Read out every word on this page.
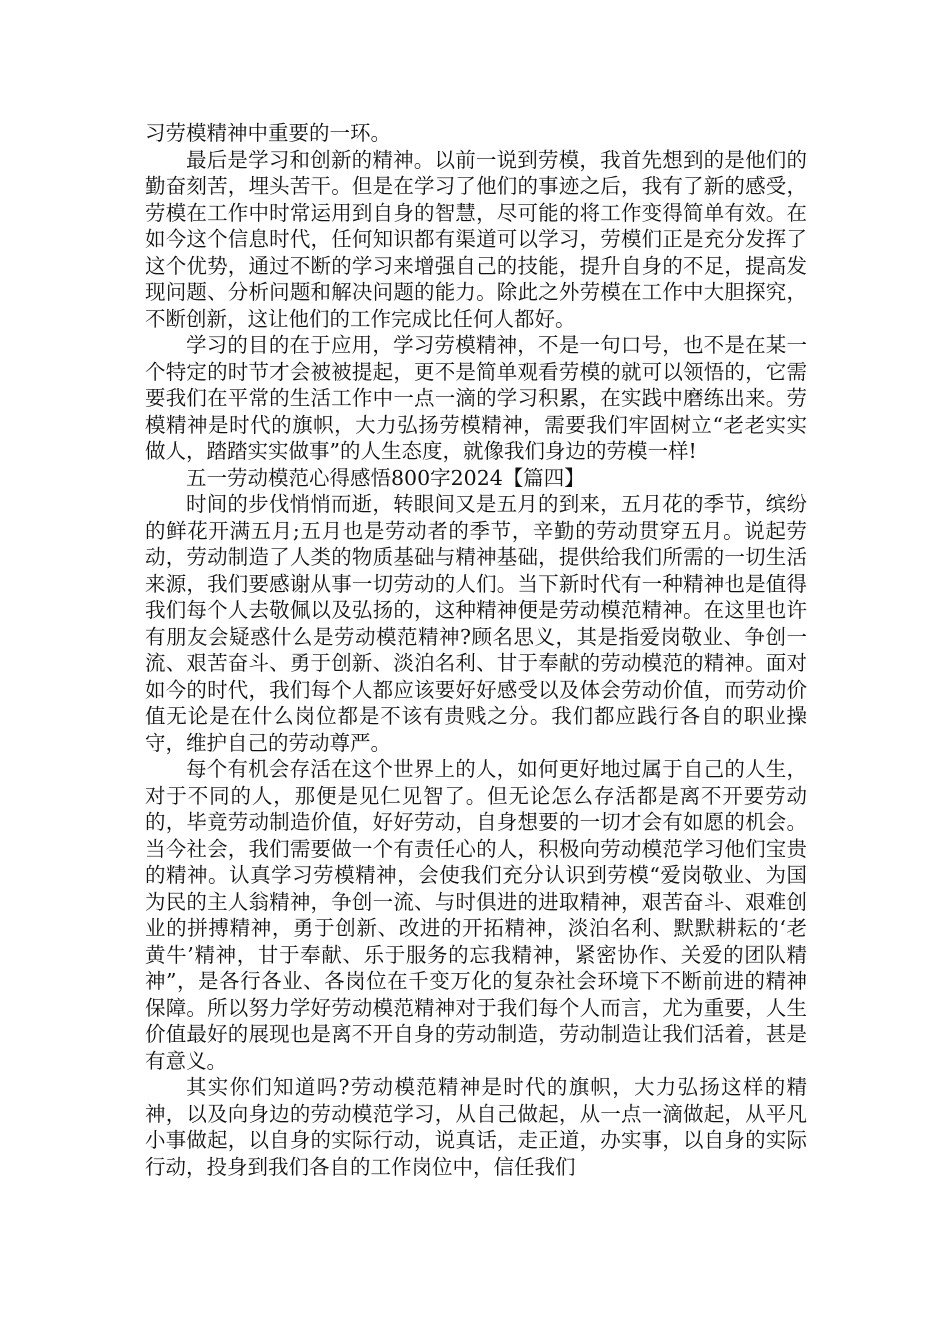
习劳模精神中重要的一环。

最后是学习和创新的精神。以前一说到劳模，我首先想到的是他们的勤奋刻苦，埋头苦干。但是在学习了他们的事迹之后，我有了新的感受，劳模在工作中时常运用到自身的智慧，尽可能的将工作变得简单有效。在如今这个信息时代，任何知识都有渠道可以学习，劳模们正是充分发挥了这个优势，通过不断的学习来增强自己的技能，提升自身的不足，提高发现问题、分析问题和解决问题的能力。除此之外劳模在工作中大胆探究，不断创新，这让他们的工作完成比任何人都好。

学习的目的在于应用，学习劳模精神，不是一句口号，也不是在某一个特定的时节才会被被提起，更不是简单观看劳模的就可以领悟的，它需要我们在平常的生活工作中一点一滴的学习积累，在实践中磨练出来。劳模精神是时代的旗帜，大力弘扬劳模精神，需要我们牢固树立“老老实实做人，踏踏实实做事”的人生态度，就像我们身边的劳模一样!

五一劳动模范心得感悟800字2024【篇四】

时间的步伐悄悄而逝，转眼间又是五月的到来，五月花的季节，缤纷的鲜花开满五月;五月也是劳动者的季节，辛勤的劳动贯穿五月。说起劳动，劳动制造了人类的物质基础与精神基础，提供给我们所需的一切生活来源，我们要感谢从事一切劳动的人们。当下新时代有一种精神也是值得我们每个人去敬佩以及弘扬的，这种精神便是劳动模范精神。在这里也许有朋友会疑惑什么是劳动模范精神?顾名思义，其是指爱岗敬业、争创一流、艰苦奋斗、勇于创新、淡泊名利、甘于奉献的劳动模范的精神。面对如今的时代，我们每个人都应该要好好感受以及体会劳动价值，而劳动价值无论是在什么岗位都是不该有贵贱之分。我们都应践行各自的职业操守，维护自己的劳动尊严。

每个有机会存活在这个世界上的人，如何更好地过属于自己的人生，对于不同的人，那便是见仁见智了。但无论怎么存活都是离不开要劳动的，毕竟劳动制造价值，好好劳动，自身想要的一切才会有如愿的机会。当今社会，我们需要做一个有责任心的人，积极向劳动模范学习他们宝贵的精神。认真学习劳模精神，会使我们充分认识到劳模“爱岗敬业、为国为民的主人翁精神，争创一流、与时俱进的进取精神，艰苦奋斗、艰难创业的拼搏精神，勇于创新、改进的开拓精神，淡泊名利、默默耕耘的‘老黄牛’精神，甘于奉献、乐于服务的忘我精神，紧密协作、关爱的团队精神”，是各行各业、各岗位在千变万化的复杂社会环境下不断前进的精神保障。所以努力学好劳动模范精神对于我们每个人而言，尤为重要，人生价值最好的展现也是离不开自身的劳动制造，劳动制造让我们活着，甚是有意义。

其实你们知道吗?劳动模范精神是时代的旗帜，大力弘扬这样的精神，以及向身边的劳动模范学习，从自己做起，从一点一滴做起，从平凡小事做起，以自身的实际行动，说真话，走正道，办实事，以自身的实际行动，投身到我们各自的工作岗位中，信任我们
